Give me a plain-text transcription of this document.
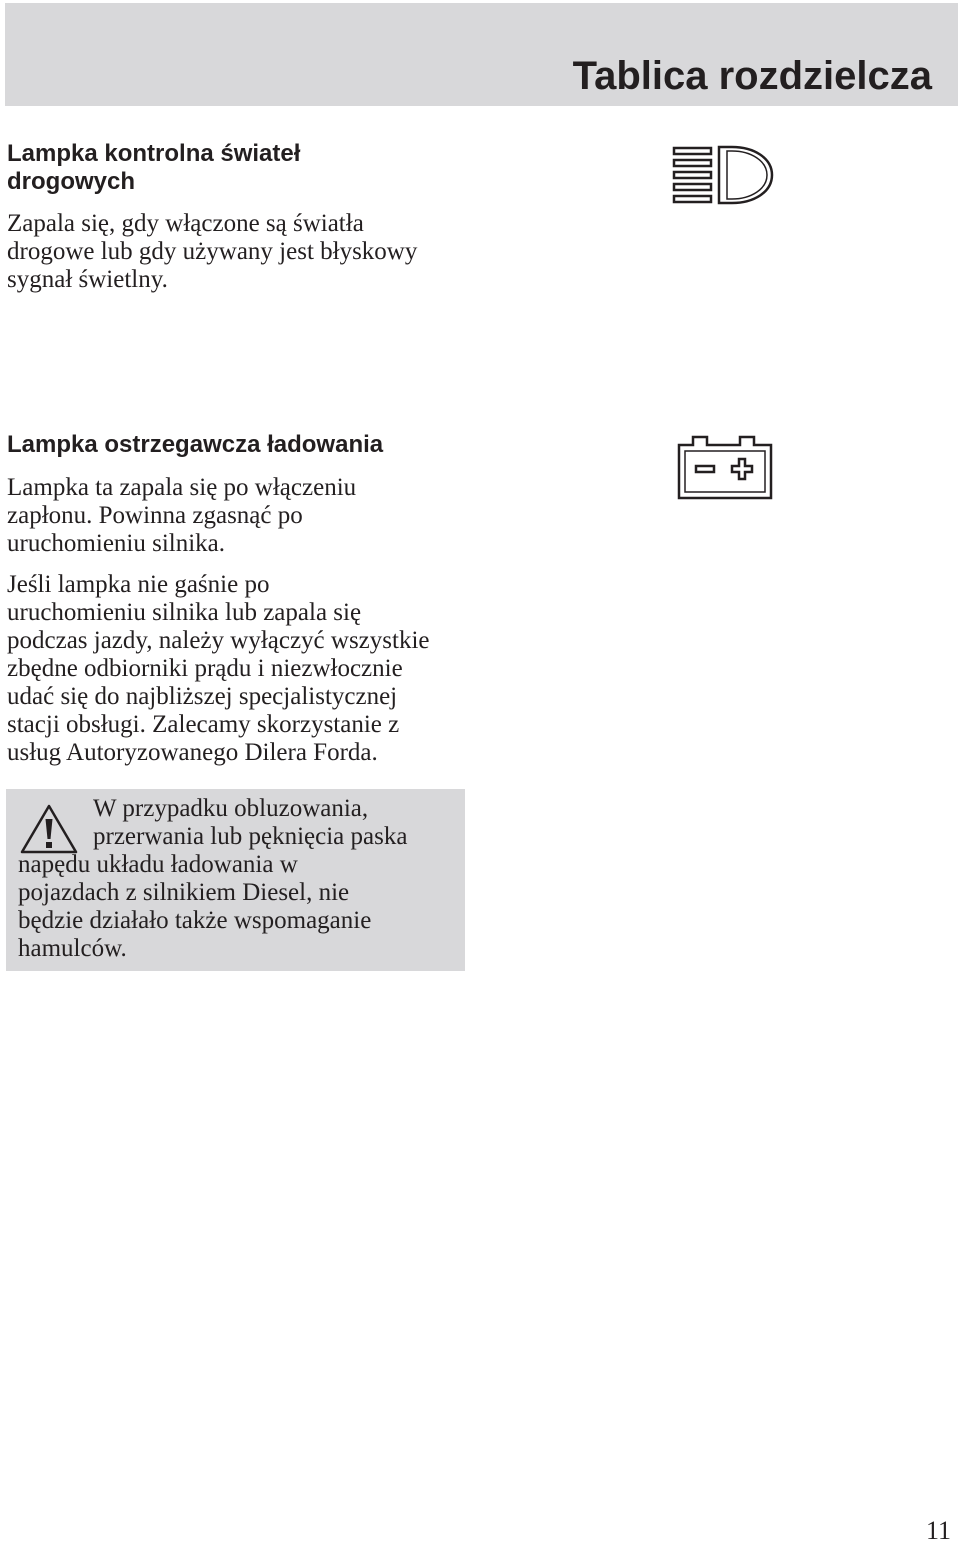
Tablica rozdzielcza
Lampka kontrolna świateł
drogowych
Zapala się, gdy włączone są światła
drogowe lub gdy używany jest błyskowy
sygnał świetlny.
Lampka ostrzegawcza ładowania
Lampka ta zapala się po włączeniu
zapłonu. Powinna zgasnąć po
uruchomieniu silnika.
Jeśli lampka nie gaśnie po
uruchomieniu silnika lub zapala się
podczas jazdy, należy wyłączyć wszystkie
zbędne odbiorniki prądu i niezwłocznie
udać się do najbliższej specjalistycznej
stacji obsługi. Zalecamy skorzystanie z
usług Autoryzowanego Dilera Forda.
W przypadku obluzowania,
przerwania lub pęknięcia paska
napędu układu ładowania w
pojazdach z silnikiem Diesel, nie
będzie działało także wspomaganie
hamulców.
11
